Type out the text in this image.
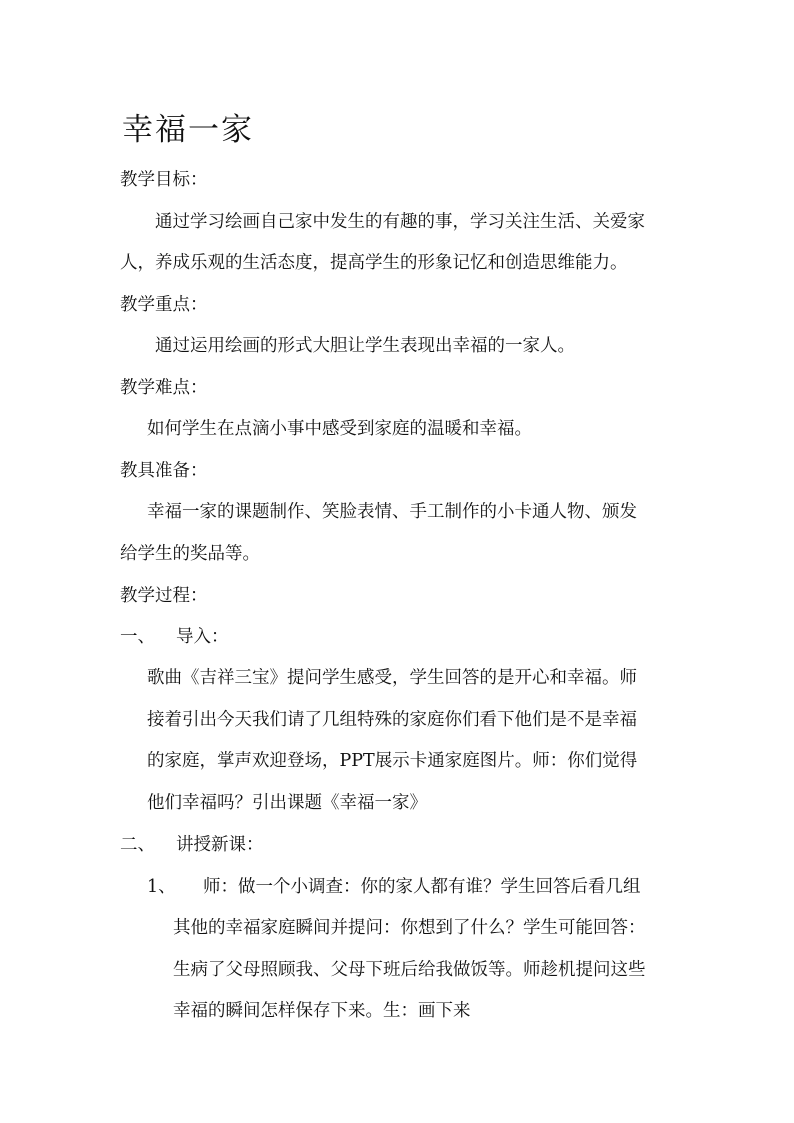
幸福一家
教学目标：
通过学习绘画自己家中发生的有趣的事，学习关注生活、关爱家
人，养成乐观的生活态度，提高学生的形象记忆和创造思维能力。
教学重点：
通过运用绘画的形式大胆让学生表现出幸福的一家人。
教学难点：
如何学生在点滴小事中感受到家庭的温暖和幸福。
教具准备：
幸福一家的课题制作、笑脸表情、手工制作的小卡通人物、颁发
给学生的奖品等。
教学过程：
一、 导入：
歌曲《吉祥三宝》提问学生感受，学生回答的是开心和幸福。师
接着引出今天我们请了几组特殊的家庭你们看下他们是不是幸福
的家庭，掌声欢迎登场，PPT展示卡通家庭图片。师：你们觉得
他们幸福吗？引出课题《幸福一家》
二、 讲授新课：
1、 师：做一个小调查：你的家人都有谁？学生回答后看几组
其他的幸福家庭瞬间并提问：你想到了什么？学生可能回答：
生病了父母照顾我、父母下班后给我做饭等。师趁机提问这些
幸福的瞬间怎样保存下来。生：画下来
